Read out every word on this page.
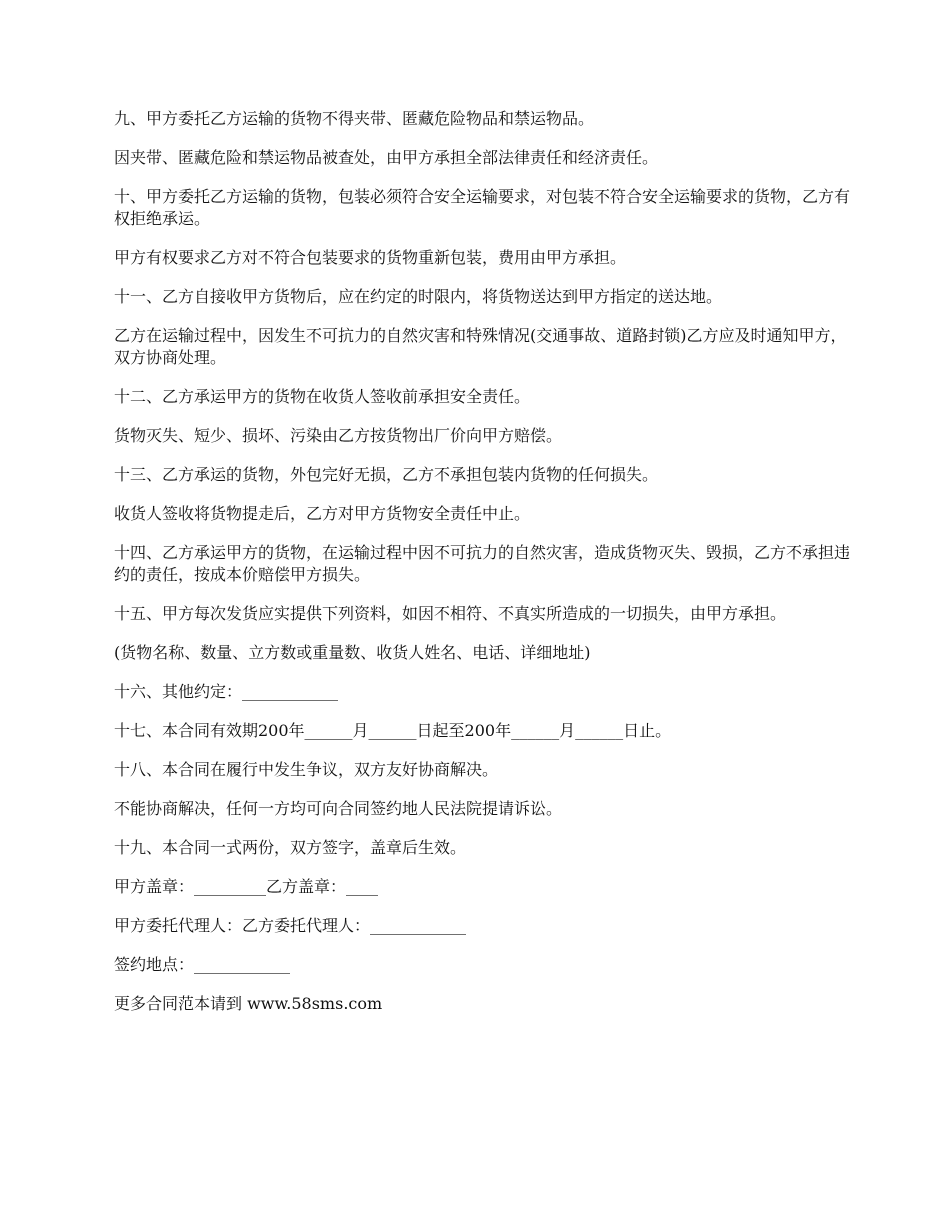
九、甲方委托乙方运输的货物不得夹带、匿藏危险物品和禁运物品。

因夹带、匿藏危险和禁运物品被查处，由甲方承担全部法律责任和经济责任。

十、甲方委托乙方运输的货物，包装必须符合安全运输要求，对包装不符合安全运输要求的货物，乙方有权拒绝承运。

甲方有权要求乙方对不符合包装要求的货物重新包装，费用由甲方承担。

十一、乙方自接收甲方货物后，应在约定的时限内，将货物送达到甲方指定的送达地。

乙方在运输过程中，因发生不可抗力的自然灾害和特殊情况(交通事故、道路封锁)乙方应及时通知甲方，双方协商处理。

十二、乙方承运甲方的货物在收货人签收前承担安全责任。

货物灭失、短少、损坏、污染由乙方按货物出厂价向甲方赔偿。

十三、乙方承运的货物，外包完好无损，乙方不承担包装内货物的任何损失。

收货人签收将货物提走后，乙方对甲方货物安全责任中止。

十四、乙方承运甲方的货物，在运输过程中因不可抗力的自然灾害，造成货物灭失、毁损，乙方不承担违约的责任，按成本价赔偿甲方损失。

十五、甲方每次发货应实提供下列资料，如因不相符、不真实所造成的一切损失，由甲方承担。

(货物名称、数量、立方数或重量数、收货人姓名、电话、详细地址)

十六、其他约定：____________

十七、本合同有效期200年______月______日起至200年______月______日止。

十八、本合同在履行中发生争议，双方友好协商解决。

不能协商解决，任何一方均可向合同签约地人民法院提请诉讼。

十九、本合同一式两份，双方签字，盖章后生效。

甲方盖章：_________乙方盖章：____

甲方委托代理人：乙方委托代理人：____________

签约地点：____________

更多合同范本请到 www.58sms.com
